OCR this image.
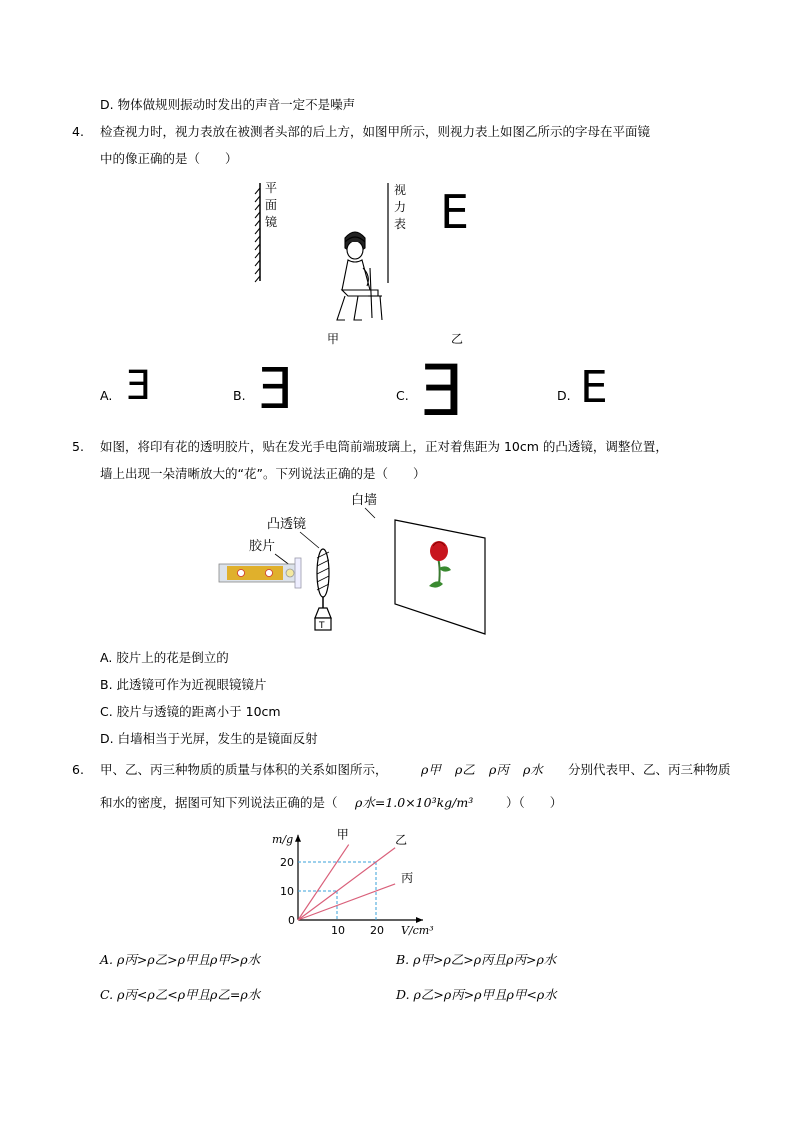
D. 物体做规则振动时发出的声音一定不是噪声
4. 检查视力时，视力表放在被测者头部的后上方，如图甲所示，则视力表上如图乙所示的字母在平面镜
中的像正确的是（　　）
平
面
镜
视
力
表 E
甲	乙
A. E	B. E	C. E	D. E
5. 如图，将印有花的透明胶片，贴在发光手电筒前端玻璃上，正对着焦距为 10cm 的凸透镜，调整位置，
墙上出现一朵清晰放大的“花”。下列说法正确的是（　　）
白墙
凸透镜
胶片
T
A. 胶片上的花是倒立的
B. 此透镜可作为近视眼镜镜片
C. 胶片与透镜的距离小于 10cm
D. 白墙相当于光屏，发生的是镜面反射
6. 甲、乙、丙三种物质的质量与体积的关系如图所示，	ρ甲 ρ乙 ρ丙 ρ水 分别代表甲、乙、丙三种物质
和水的密度，据图可知下列说法正确的是（ ρ水=1.0×10³kg/m³	）（　　）
m/g
V/cm³
0
10 20
10
20
甲	乙
丙
A. ρ丙>ρ乙>ρ甲且ρ甲>ρ水	B. ρ甲>ρ乙>ρ丙且ρ丙>ρ水
C. ρ丙<ρ乙<ρ甲且ρ乙=ρ水	D. ρ乙>ρ丙>ρ甲且ρ甲<ρ水
